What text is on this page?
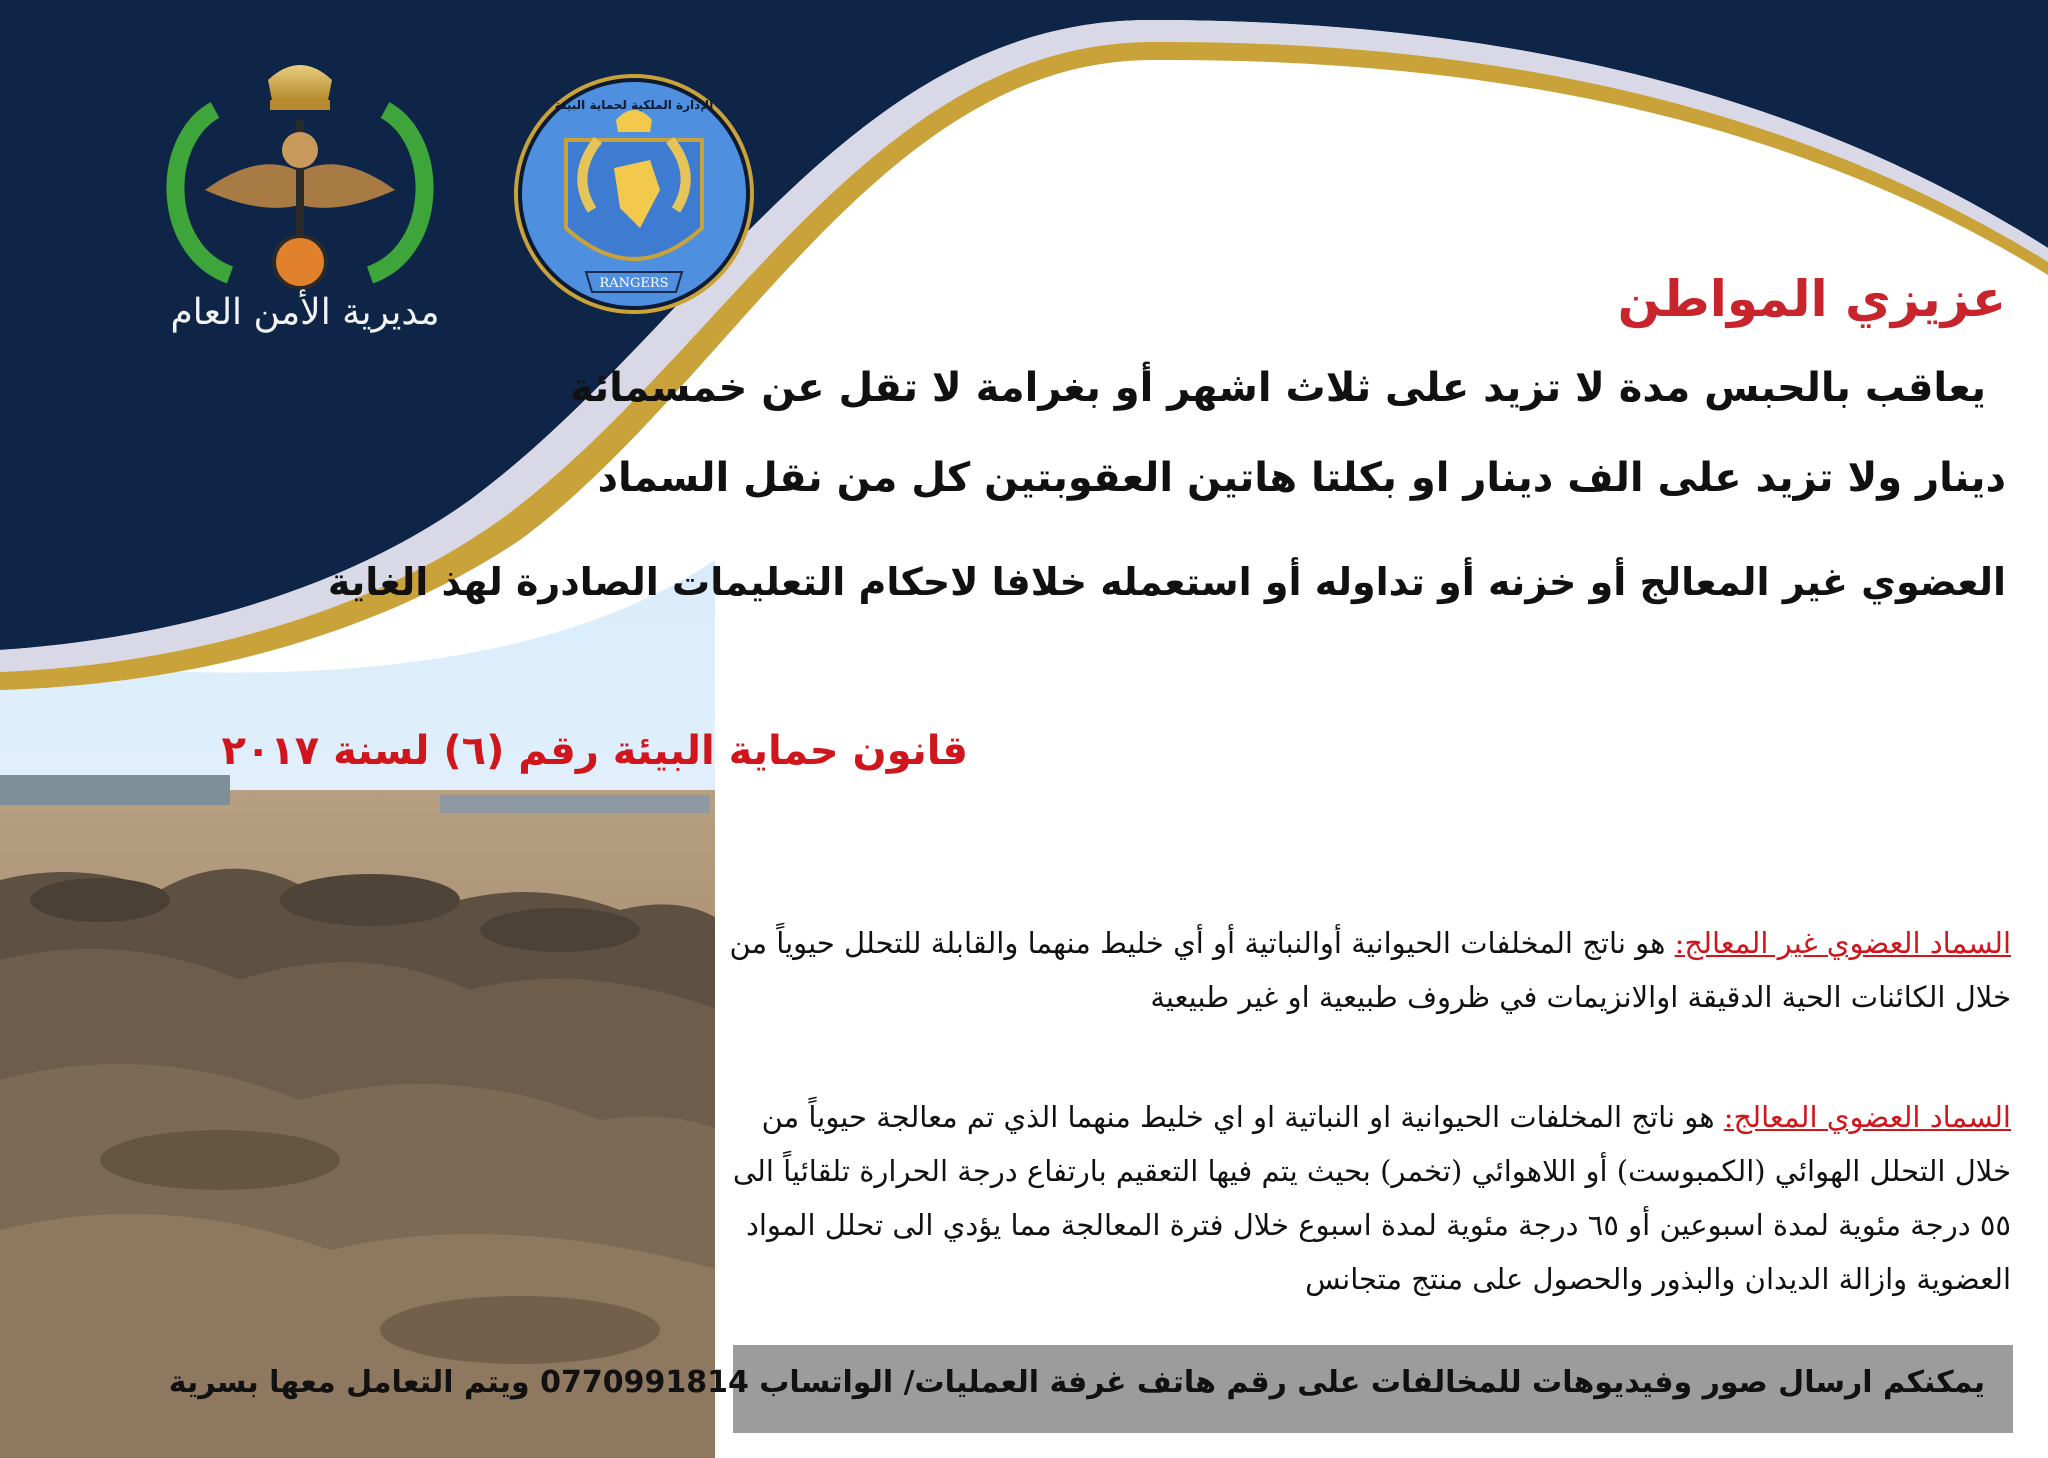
مديرية الأمن العام
الإدارة الملكية لحماية البيئة
RANGERS	عزيزي المواطن
يعاقب بالحبس مدة لا تزيد على ثلاث اشهر أو بغرامة لا تقل عن خمسمائة
دينار ولا تزيد على الف دينار او بكلتا هاتين العقوبتين كل من نقل السماد
العضوي غير المعالج أو خزنه أو تداوله أو استعمله خلافا لاحكام التعليمات الصادرة لهذ الغاية
قانون حماية البيئة رقم (٦) لسنة ٢٠١٧
السماد العضوي غير المعالج: هو ناتج المخلفات الحيوانية أوالنباتية أو أي خليط منهما والقابلة للتحلل حيوياً من خلال الكائنات الحية الدقيقة اوالانزيمات في ظروف طبيعية او غير طبيعية
السماد العضوي المعالج: هو ناتج المخلفات الحيوانية او النباتية او اي خليط منهما الذي تم معالجة حيوياً من خلال التحلل الهوائي (الكمبوست) أو اللاهوائي (تخمر) بحيث يتم فيها التعقيم بارتفاع درجة الحرارة تلقائياً الى ٥٥ درجة مئوية لمدة اسبوعين أو ٦٥ درجة مئوية لمدة اسبوع خلال فترة المعالجة مما يؤدي الى تحلل المواد العضوية وازالة الديدان والبذور والحصول على منتج متجانس
يمكنكم ارسال صور وفيديوهات للمخالفات على رقم هاتف غرفة العمليات/ الواتساب 0770991814 ويتم التعامل معها بسرية
